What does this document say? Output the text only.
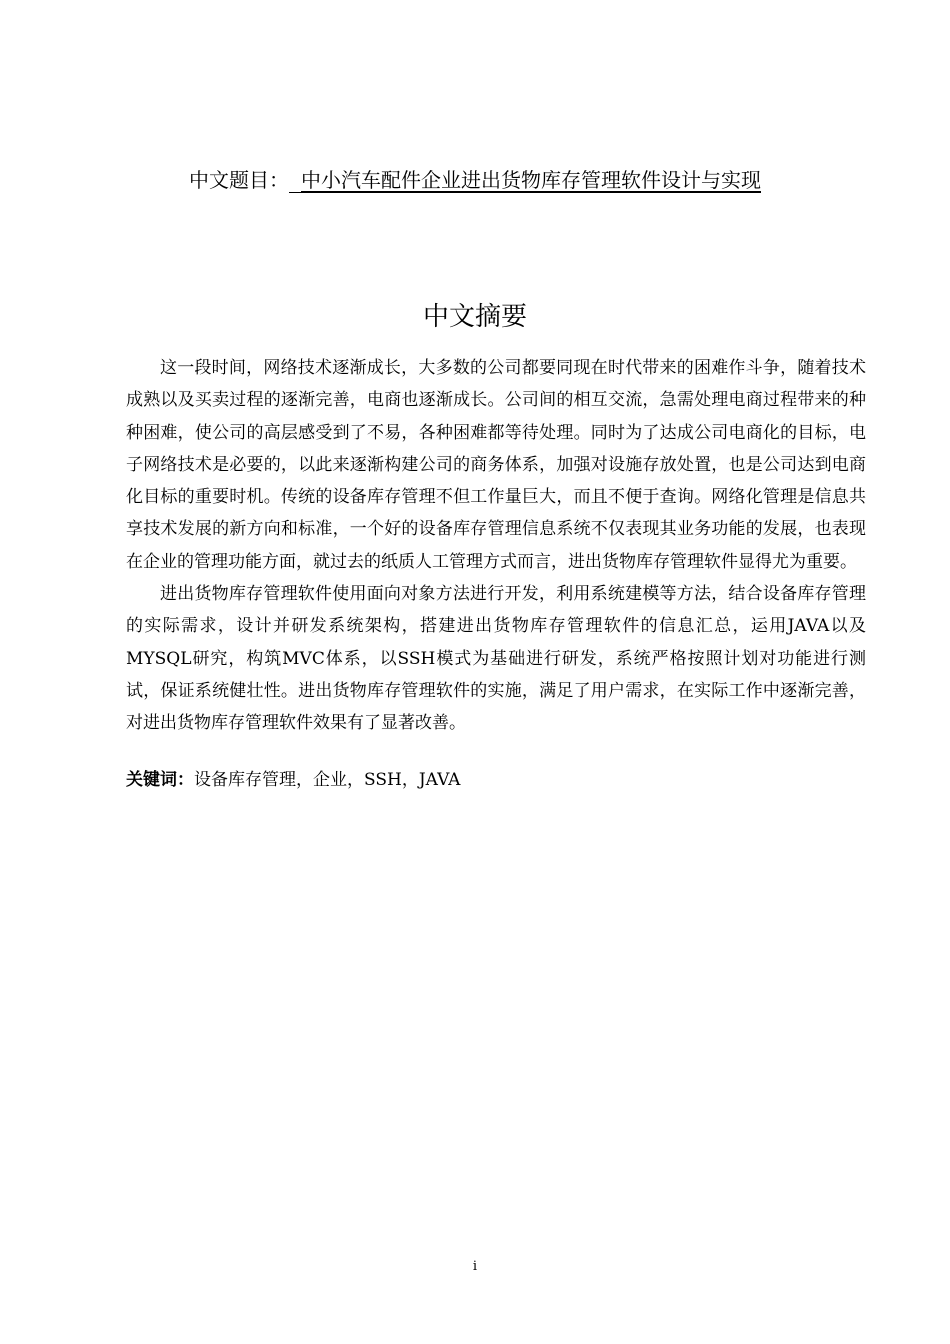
中文题目： 中小汽车配件企业进出货物库存管理软件设计与实现
中文摘要

这一段时间，网络技术逐渐成长，大多数的公司都要同现在时代带来的困难作斗争，随着技术成熟以及买卖过程的逐渐完善，电商也逐渐成长。公司间的相互交流，急需处理电商过程带来的种种困难，使公司的高层感受到了不易，各种困难都等待处理。同时为了达成公司电商化的目标，电子网络技术是必要的，以此来逐渐构建公司的商务体系，加强对设施存放处置，也是公司达到电商化目标的重要时机。传统的设备库存管理不但工作量巨大，而且不便于查询。网络化管理是信息共享技术发展的新方向和标准，一个好的设备库存管理信息系统不仅表现其业务功能的发展，也表现在企业的管理功能方面，就过去的纸质人工管理方式而言，进出货物库存管理软件显得尤为重要。

进出货物库存管理软件使用面向对象方法进行开发，利用系统建模等方法，结合设备库存管理的实际需求，设计并研发系统架构，搭建进出货物库存管理软件的信息汇总，运用JAVA以及MYSQL研究，构筑MVC体系，以SSH模式为基础进行研发，系统严格按照计划对功能进行测试，保证系统健壮性。进出货物库存管理软件的实施，满足了用户需求，在实际工作中逐渐完善，对进出货物库存管理软件效果有了显著改善。

关键词：设备库存管理，企业，SSH，JAVA
i
